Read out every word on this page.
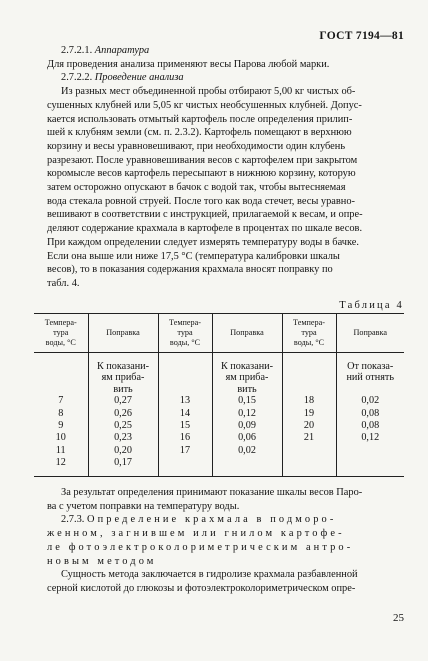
ГОСТ 7194—81
2.7.2.1. Аппаратура
Для проведения анализа применяют весы Парова любой марки.
2.7.2.2. Проведение анализа
Из разных мест объединенной пробы отбирают 5,00 кг чистых об-
сушенных клубней или 5,05 кг чистых необсушенных клубней. Допус-
кается использовать отмытый картофель после определения прилип-
шей к клубням земли (см. п. 2.3.2). Картофель помещают в верхнюю
корзину и весы уравновешивают, при необходимости один клубень
разрезают. После уравновешивания весов с картофелем при закрытом
коромысле весов картофель пересыпают в нижнюю корзину, которую
затем осторожно опускают в бачок с водой так, чтобы вытесняемая
вода стекала ровной струей. После того как вода стечет, весы уравно-
вешивают в соответствии с инструкцией, прилагаемой к весам, и опре-
деляют содержание крахмала в картофеле в процентах по шкале весов.
При каждом определении следует измерять температуру воды в бачке.
Если она выше или ниже 17,5 °С (температура калибровки шкалы
весов), то в показания содержания крахмала вносят поправку по
табл. 4.
Таблица 4
Темпера-
тура
воды, °С	Поправка	Темпера-
тура
воды, °С	Поправка	Темпера-
тура
воды, °С	Поправка
	К показани-
ям приба-
вить		К показани-
ям приба-
вить		От показа-
ний отнять
7	0,27	13	0,15	18	0,02
8	0,26	14	0,12	19	0,08
9	0,25	15	0,09	20	0,08
10	0,23	16	0,06	21	0,12
11	0,20	17	0,02		
12	0,17				
За результат определения принимают показание шкалы весов Паро-
ва с учетом поправки на температуру воды.
2.7.3. Определение крахмала в подморо-
женном, загнившем или гнилом картофе-
ле фотоэлектроколориметрическим антро-
новым методом
Сущность метода заключается в гидролизе крахмала разбавленной
серной кислотой до глюкозы и фотоэлектроколориметрическом опре-
25
